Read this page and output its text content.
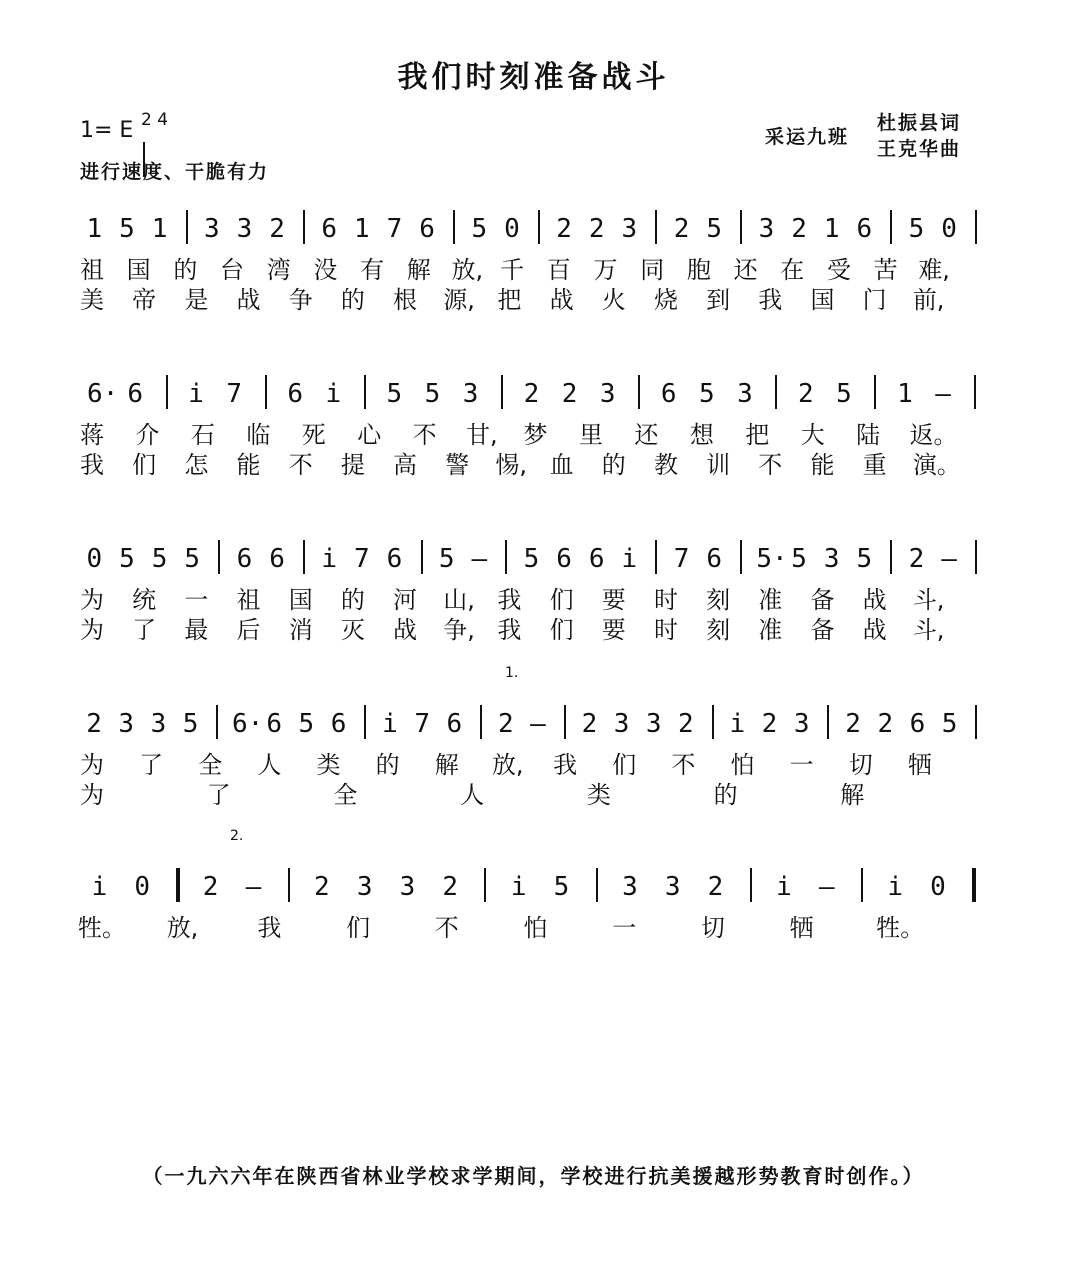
我们时刻准备战斗
1= E 2 4
进行速度、干脆有力
采运九班
杜振县词
王克华曲
1 5 1 3 3 2 6 1 7 6 5 0 2 2 3 2 5 3 2 1 6 5 0
祖 国 的 台 湾 没 有 解 放, 千 百 万 同 胞 还 在 受 苦 难,
美 帝 是 战 争 的 根 源, 把 战 火 烧 到 我 国 门 前,
6· 6 i 7 6 i 5 5 3 2 2 3 6 5 3 2 5 1 –
蒋 介 石 临 死 心 不 甘, 梦 里 还 想 把 大 陆 返。
我 们 怎 能 不 提 高 警 惕, 血 的 教 训 不 能 重 演。
0 5 5 5 6 6 i 7 6 5 – 5 6 6 i 7 6 5· 5 3 5 2 –
为 统 一 祖 国 的 河 山, 我 们 要 时 刻 准 备 战 斗,
为 了 最 后 消 灭 战 争, 我 们 要 时 刻 准 备 战 斗,
2 3 3 5 6· 6 5 6 i 7 6 2 – 2 3 3 2 i 2 3 2 2 6 5
1.
为 了 全 人 类 的 解 放, 我 们 不 怕 一 切 牺
为	了	全	人	类	的	解
i 0 2 – 2 3 3 2 i 5 3 3 2 i – i 0
2.
牲。 放, 我	们	不	怕	一	切	牺	牲。
（一九六六年在陕西省林业学校求学期间，学校进行抗美援越形势教育时创作。）
